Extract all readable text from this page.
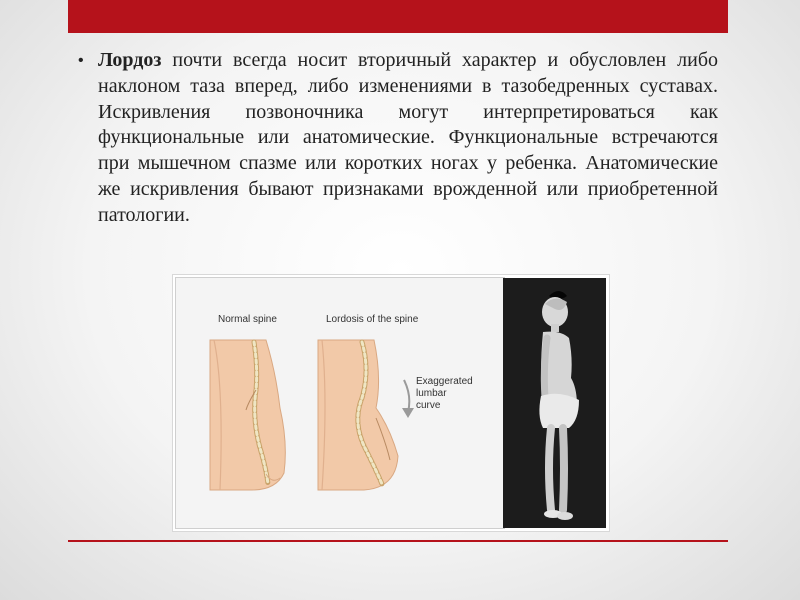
• Лордоз почти всегда носит вторичный характер и обусловлен либо наклоном таза вперед, либо изменениями в тазобедренных суставах. Искривления позвоночника могут интерпретироваться как функциональные или анатомические. Функциональные встречаются при мышечном спазме или коротких ногах у ребенка. Анатомические же искривления бывают признаками врожденной или приобретенной патологии.
Normal spine	Lordosis of the spine
Exaggerated
lumbar
curve
